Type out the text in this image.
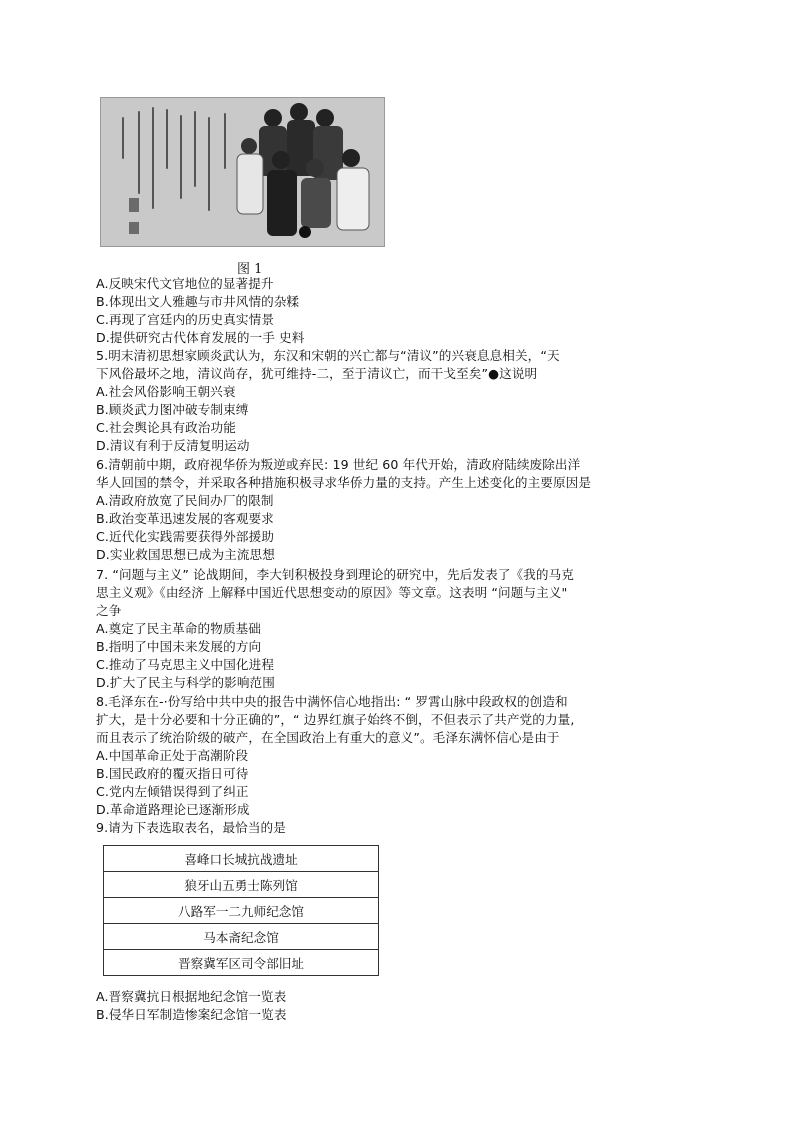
图 1
A.反映宋代文官地位的显著提升
B.体现出文人雅趣与市井风情的杂糅
C.再现了宫廷内的历史真实情景
D.提供研究古代体育发展的一手 史料
5.明末清初思想家顾炎武认为，东汉和宋朝的兴亡都与“清议”的兴衰息息相关，“天
下风俗最坏之地，清议尚存，犹可维持-二，至于清议亡，而干戈至矣”●这说明
A.社会风俗影响王朝兴衰
B.顾炎武力图冲破专制束缚
C.社会舆论具有政治功能
D.清议有利于反清复明运动
6.清朝前中期，政府视华侨为叛逆或弃民: 19 世纪 60 年代开始，清政府陆续废除出洋
华人回国的禁令，并采取各种措施积极寻求华侨力量的支持。产生上述变化的主要原因是
A.清政府放宽了民间办厂的限制
B.政治变革迅速发展的客观要求
C.近代化实践需要获得外部援助
D.实业救国思想已成为主流思想
7. “问题与主义” 论战期间，李大钊积极投身到理论的研究中，先后发表了《我的马克
思主义观》《由经济 上解释中国近代思想变动的原因》等文章。这表明 “问题与主义"
之争
A.奠定了民主革命的物质基础
B.指明了中国未来发展的方向
C.推动了马克思主义中国化进程
D.扩大了民主与科学的影响范围
8.毛泽东在-·份写给中共中央的报告中满怀信心地指出: “ 罗霄山脉中段政权的创造和
扩大，是十分必要和十分正确的”，“ 边界红旗子始终不倒，不但表示了共产党的力量,
而且表示了统治阶级的破产，在全国政治上有重大的意义”。毛泽东满怀信心是由于
A.中国革命正处于高潮阶段
B.国民政府的覆灭指日可待
C.党内左倾错误得到了纠正
D.革命道路理论已逐渐形成
9.请为下表选取表名，最恰当的是
喜峰口长城抗战遗址
狼牙山五勇士陈列馆
八路军一二九师纪念馆
马本斋纪念馆
晋察冀军区司令部旧址
A.晋察冀抗日根据地纪念馆一览表
B.侵华日军制造惨案纪念馆一览表
